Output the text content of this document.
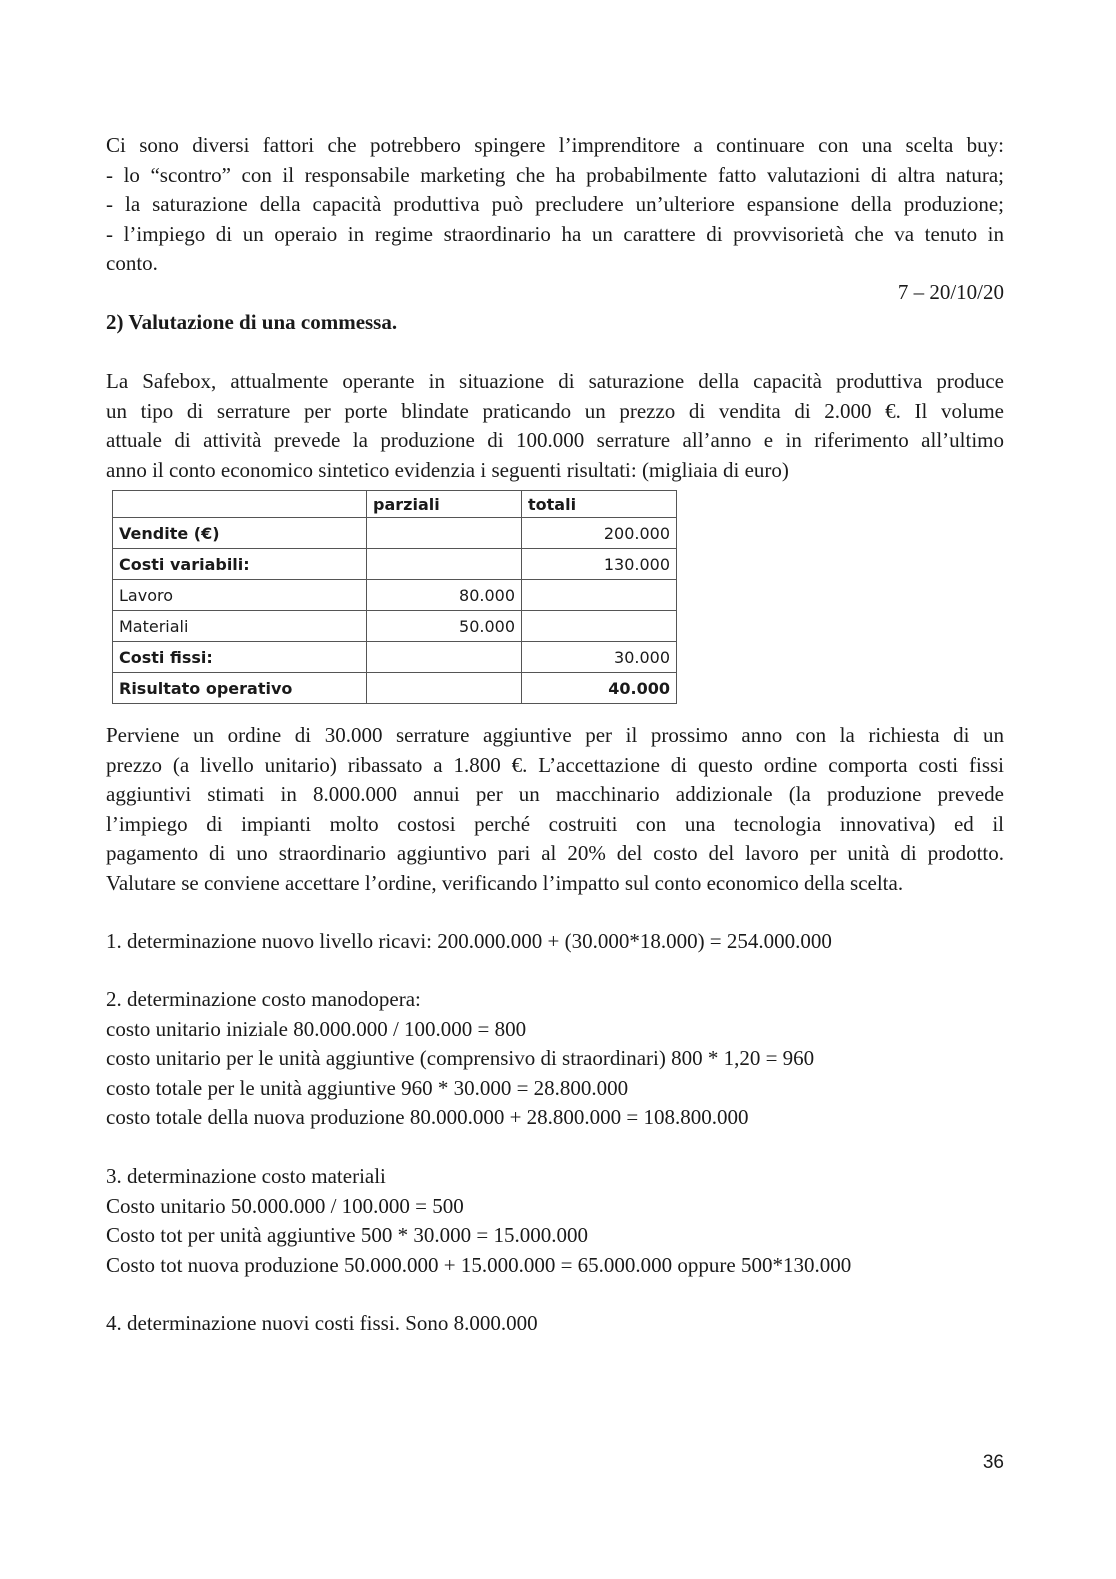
Ci sono diversi fattori che potrebbero spingere l’imprenditore a continuare con una scelta buy:
- lo “scontro” con il responsabile marketing che ha probabilmente fatto valutazioni di altra natura;
- la saturazione della capacità produttiva può precludere un’ulteriore espansione della produzione;
- l’impiego di un operaio in regime straordinario ha un carattere di provvisorietà che va tenuto in
conto.
7 – 20/10/20
2) Valutazione di una commessa.
La Safebox, attualmente operante in situazione di saturazione della capacità produttiva produce
un tipo di serrature per porte blindate praticando un prezzo di vendita di 2.000 €. Il volume
attuale di attività prevede la produzione di 100.000 serrature all’anno e in riferimento all’ultimo
anno il conto economico sintetico evidenzia i seguenti risultati: (migliaia di euro)
	parziali	totali
Vendite (€)		200.000
Costi variabili:		130.000
Lavoro	80.000	
Materiali	50.000	
Costi fissi:		30.000
Risultato operativo		40.000
Perviene un ordine di 30.000 serrature aggiuntive per il prossimo anno con la richiesta di un
prezzo (a livello unitario) ribassato a 1.800 €. L’accettazione di questo ordine comporta costi fissi
aggiuntivi stimati in 8.000.000 annui per un macchinario addizionale (la produzione prevede
l’impiego di impianti molto costosi perché costruiti con una tecnologia innovativa) ed il
pagamento di uno straordinario aggiuntivo pari al 20% del costo del lavoro per unità di prodotto.
Valutare se conviene accettare l’ordine, verificando l’impatto sul conto economico della scelta.
1. determinazione nuovo livello ricavi: 200.000.000 + (30.000*18.000) = 254.000.000
2. determinazione costo manodopera:
costo unitario iniziale 80.000.000 / 100.000 = 800
costo unitario per le unità aggiuntive (comprensivo di straordinari) 800 * 1,20 = 960
costo totale per le unità aggiuntive 960 * 30.000 = 28.800.000
costo totale della nuova produzione 80.000.000 + 28.800.000 = 108.800.000
3. determinazione costo materiali
Costo unitario 50.000.000 / 100.000 = 500
Costo tot per unità aggiuntive 500 * 30.000 = 15.000.000
Costo tot nuova produzione 50.000.000 + 15.000.000 = 65.000.000 oppure 500*130.000
4. determinazione nuovi costi fissi. Sono 8.000.000
36
